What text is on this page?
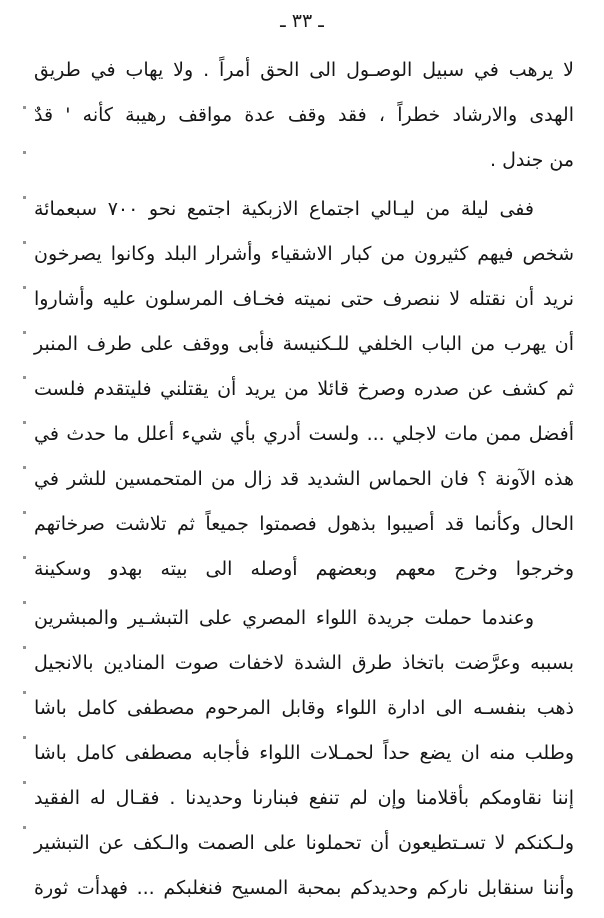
ـ ٣٣ ـ
لا يرهب في سبيل الوصـول الى الحق أمراً . ولا يهاب في طريق
الهدى والارشاد خطراً ، فقد وقف عدة مواقف رهيبة كأنه ' قدٌ
من جندل .
ففى ليلة من ليـالي اجتماع الازبكية اجتمع نحو ٧٠٠ سبعمائة
شخص فيهم كثيرون من كبار الاشقياء وأشرار البلد وكانوا يصرخون
نريد أن نقتله لا ننصرف حتى نميته فخـاف المرسلون عليه وأشاروا
أن يهرب من الباب الخلفي للـكنيسة فأبى ووقف على طرف المنبر
ثم كشف عن صدره وصرخ قائلا من يريد أن يقتلني فليتقدم فلست
أفضل ممن مات لاجلي ... ولست أدري بأي شيء أعلل ما حدث في
هذه الآونة ؟ فان الحماس الشديد قد زال من المتحمسين للشر في
الحال وكأنما قد أصيبوا بذهول فصمتوا جميعاً ثم تلاشت صرخاتهم
وخرجوا وخرج معهم وبعضهم أوصله الى بيته بهدو وسكينة
وعندما حملت جريدة اللواء المصري على التبشـير والمبشرين
بسببه وعرَّضت باتخاذ طرق الشدة لاخفات صوت المنادين بالانجيل
ذهب بنفسـه الى ادارة اللواء وقابل المرحوم مصطفى كامل باشا
وطلب منه ان يضع حداً لحمـلات اللواء فأجابه مصطفى كامل باشا
إننا نقاومكم بأقلامنا وإن لم تنفع فبنارنا وحديدنا . فقـال له الفقيد
ولـكنكم لا تسـتطيعون أن تحملونا على الصمت والـكف عن التبشير
وأننا سنقابل ناركم وحديدكم بمحبة المسيح فنغلبكم ... فهدأت ثورة
